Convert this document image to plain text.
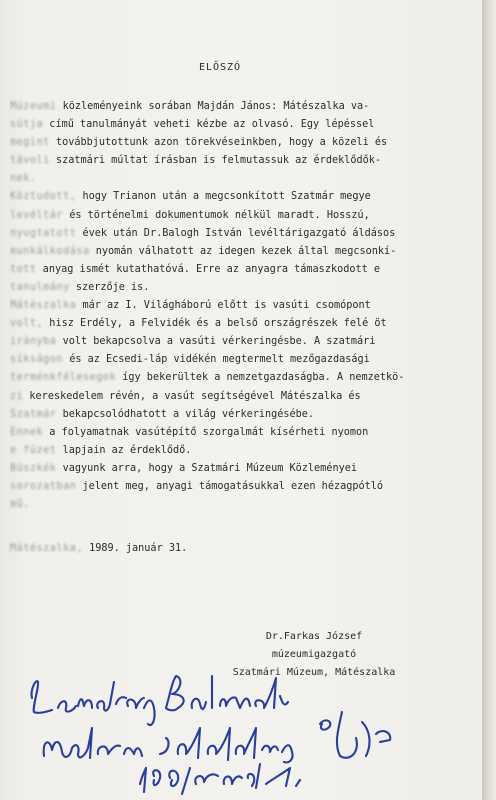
ELŐSZÓ
Múzeumi közleményeink sorában Majdán János: Mátészalka va-
sútja című tanulmányát veheti kézbe az olvasó. Egy lépéssel
megint továbbjutottunk azon törekvéseinkben, hogy a közeli és
távoli szatmári múltat írásban is felmutassuk az érdeklődők-
nek.
Köztudott, hogy Trianon után a megcsonkított Szatmár megye
levéltár és történelmi dokumentumok nélkül maradt. Hosszú,
nyugtatott évek után Dr.Balogh István levéltárigazgató áldásos
munkálkodása nyomán válhatott az idegen kezek által megcsonkí-
tott anyag ismét kutathatóvá. Erre az anyagra támaszkodott e
tanulmány szerzője is.
Mátészalka már az I. Világháború előtt is vasúti csomópont
volt, hisz Erdély, a Felvidék és a belső országrészek felé öt
irányba volt bekapcsolva a vasúti vérkeringésbe. A szatmári
síkságon és az Ecsedi-láp vidékén megtermelt mezőgazdasági
terménkfélesegek így bekerültek a nemzetgazdaságba. A nemzetkö-
zi kereskedelem révén, a vasút segítségével Mátészalka és
Szatmár bekapcsolódhatott a világ vérkeringésébe.
Ennek a folyamatnak vasútépítő szorgalmát kísérheti nyomon
e füzet lapjain az érdeklődő.
Büszkék vagyunk arra, hogy a Szatmári Múzeum Közleményei
sorozatban jelent meg, anyagi támogatásukkal ezen hézagpótló
mű.
Mátészalka, 1989. január 31.
Dr.Farkas József
múzeumigazgató
Szatmári Múzeum, Mátészalka
